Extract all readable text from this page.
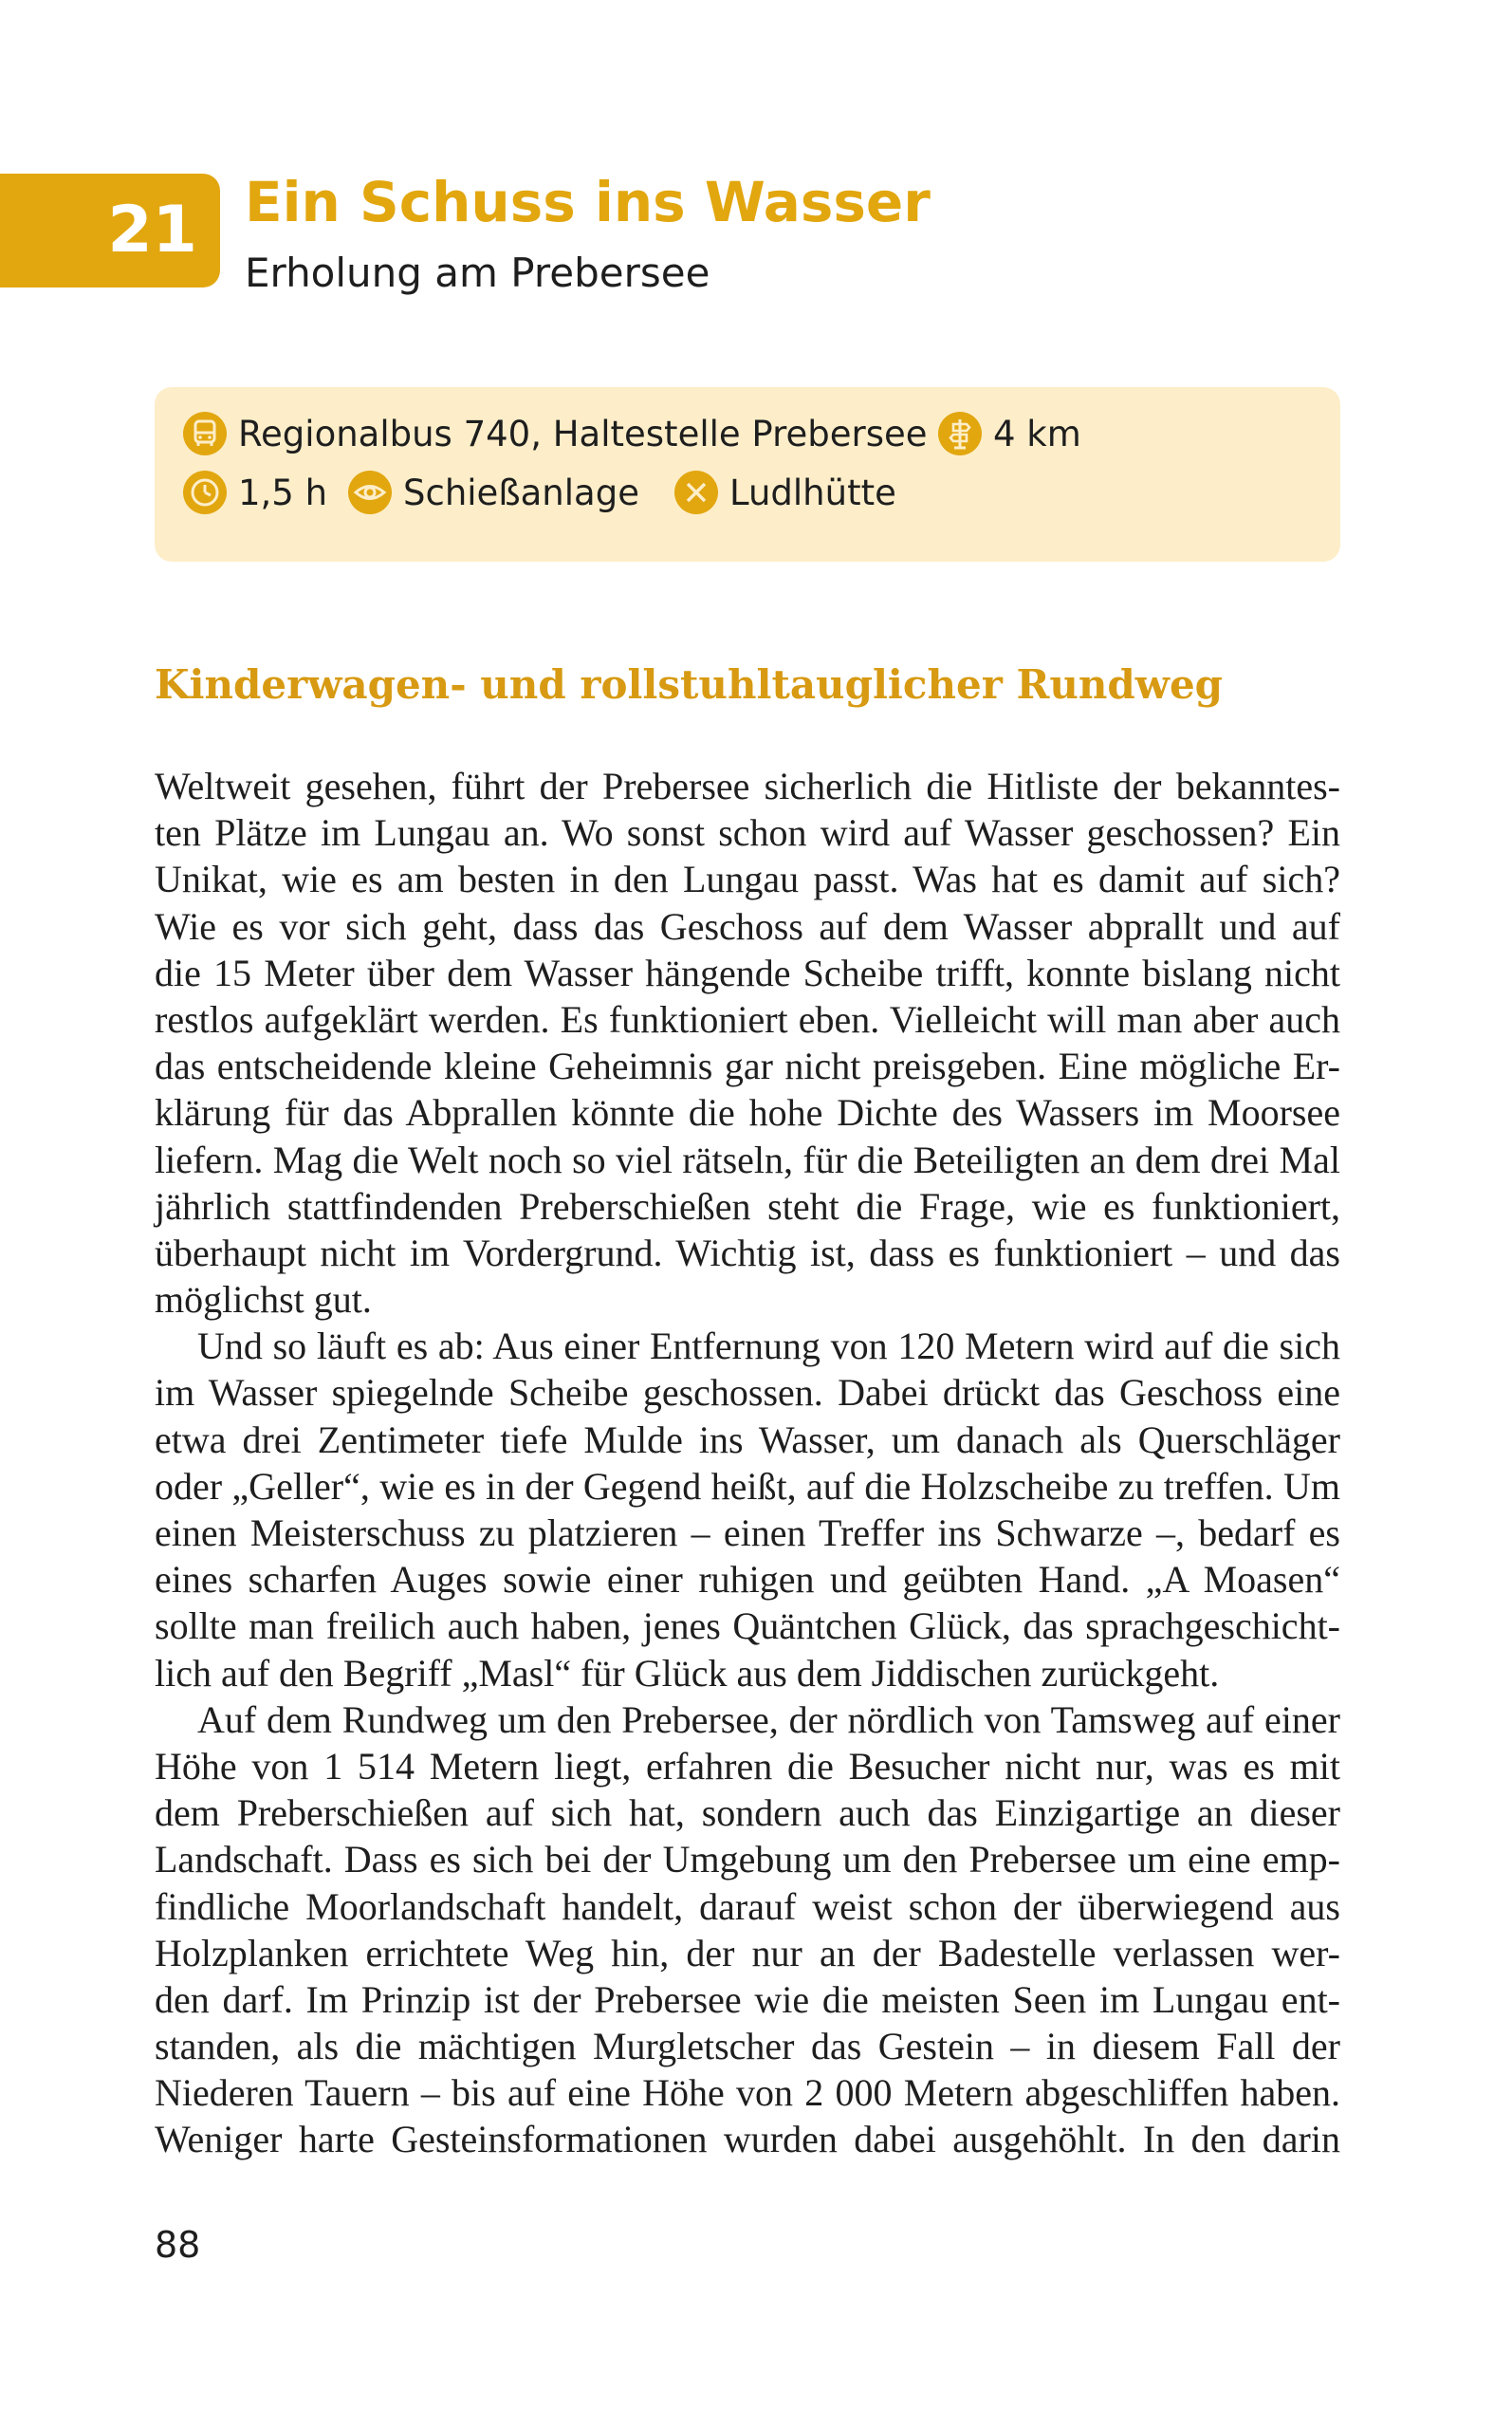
21 Ein Schuss ins Wasser
Erholung am Prebersee
Regionalbus 740, Haltestelle Prebersee 4 km
1,5 h Schießanlage	Ludlhütte
Kinderwagen- und rollstuhltauglicher Rundweg
Weltweit gesehen, führt der Prebersee sicherlich die Hitliste der bekanntes-
ten Plätze im Lungau an. Wo sonst schon wird auf Wasser geschossen? Ein
Unikat, wie es am besten in den Lungau passt. Was hat es damit auf sich?
Wie es vor sich geht, dass das Geschoss auf dem Wasser abprallt und auf
die 15 Meter über dem Wasser hängende Scheibe trifft, konnte bislang nicht
restlos aufgeklärt werden. Es funktioniert eben. Vielleicht will man aber auch
das entscheidende kleine Geheimnis gar nicht preisgeben. Eine mögliche Er-
klärung für das Abprallen könnte die hohe Dichte des Wassers im Moorsee
liefern. Mag die Welt noch so viel rätseln, für die Beteiligten an dem drei Mal
jährlich stattfindenden Preberschießen steht die Frage, wie es funktioniert,
überhaupt nicht im Vordergrund. Wichtig ist, dass es funktioniert – und das
möglichst gut.
Und so läuft es ab: Aus einer Entfernung von 120 Metern wird auf die sich
im Wasser spiegelnde Scheibe geschossen. Dabei drückt das Geschoss eine
etwa drei Zentimeter tiefe Mulde ins Wasser, um danach als Querschläger
oder „Geller“, wie es in der Gegend heißt, auf die Holzscheibe zu treffen. Um
einen Meisterschuss zu platzieren – einen Treffer ins Schwarze –, bedarf es
eines scharfen Auges sowie einer ruhigen und geübten Hand. „A Moasen“
sollte man freilich auch haben, jenes Quäntchen Glück, das sprachgeschicht-
lich auf den Begriff „Masl“ für Glück aus dem Jiddischen zurückgeht.
Auf dem Rundweg um den Prebersee, der nördlich von Tamsweg auf einer
Höhe von 1 514 Metern liegt, erfahren die Besucher nicht nur, was es mit
dem Preberschießen auf sich hat, sondern auch das Einzigartige an dieser
Landschaft. Dass es sich bei der Umgebung um den Prebersee um eine emp-
findliche Moorlandschaft handelt, darauf weist schon der überwiegend aus
Holzplanken errichtete Weg hin, der nur an der Badestelle verlassen wer-
den darf. Im Prinzip ist der Prebersee wie die meisten Seen im Lungau ent-
standen, als die mächtigen Murgletscher das Gestein – in diesem Fall der
Niederen Tauern – bis auf eine Höhe von 2 000 Metern abgeschliffen haben.
Weniger harte Gesteinsformationen wurden dabei ausgehöhlt. In den darin
88
